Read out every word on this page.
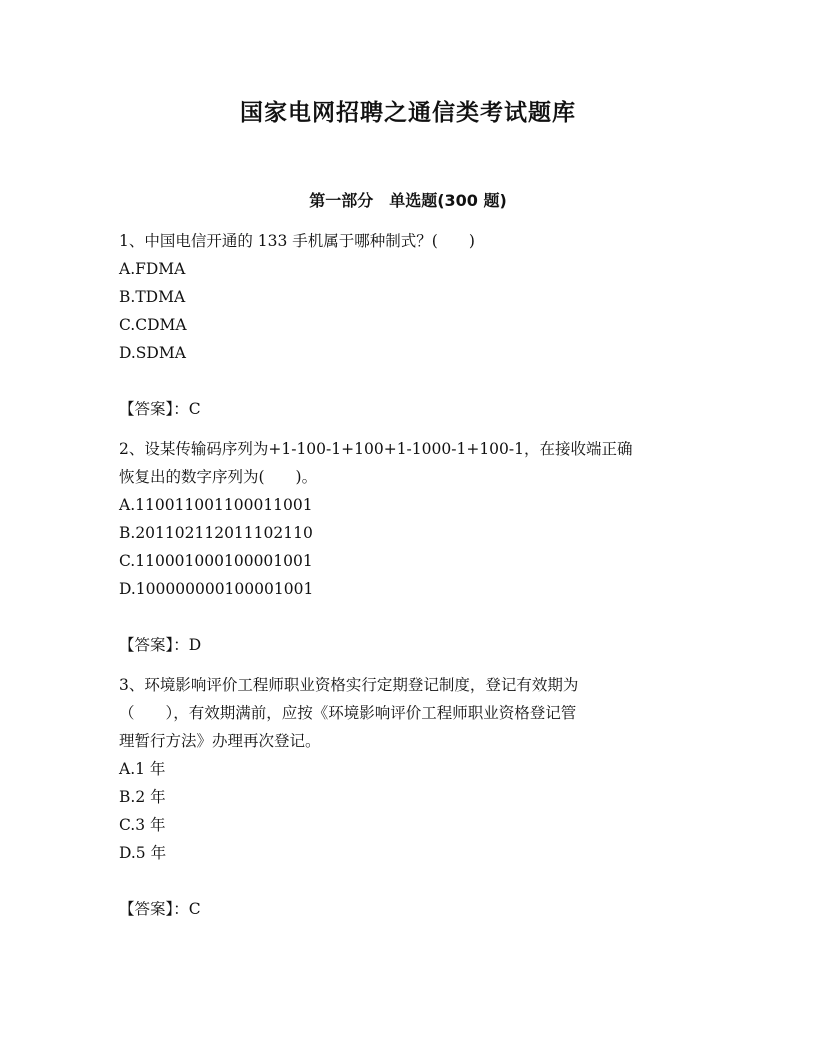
国家电网招聘之通信类考试题库
第一部分　单选题(300 题)
1、中国电信开通的 133 手机属于哪种制式？(　　)
A.FDMA
B.TDMA
C.CDMA
D.SDMA
【答案】：C
2、设某传输码序列为+1-100-1+100+1-1000-1+100-1，在接收端正确
恢复出的数字序列为(　　)。
A.110011001100011001
B.201102112011102110
C.110001000100001001
D.100000000100001001
【答案】：D
3、环境影响评价工程师职业资格实行定期登记制度，登记有效期为
（　　），有效期满前，应按《环境影响评价工程师职业资格登记管
理暂行方法》办理再次登记。
A.1 年
B.2 年
C.3 年
D.5 年
【答案】：C
